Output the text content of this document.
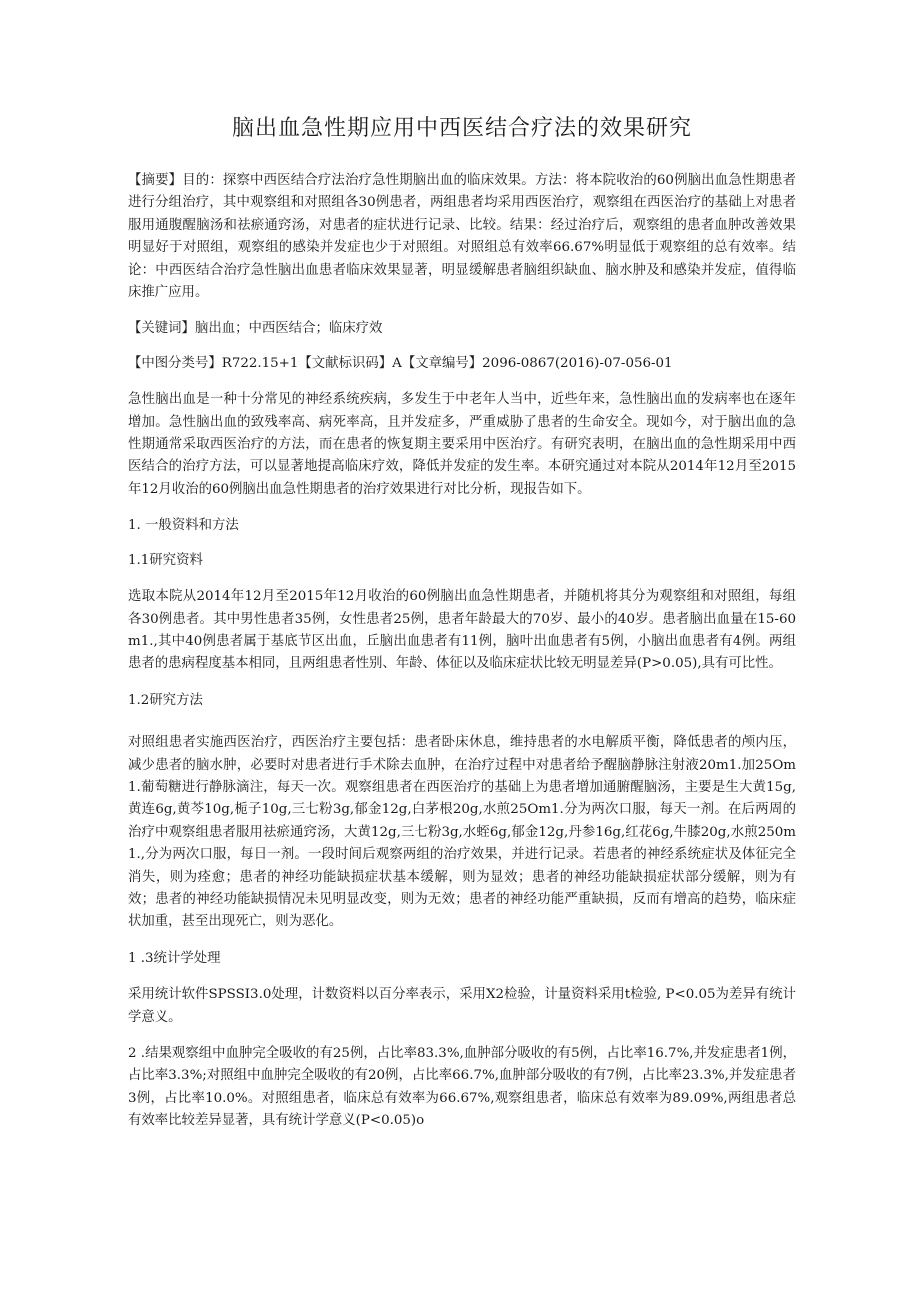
脑出血急性期应用中西医结合疗法的效果研究

【摘要】目的：探察中西医结合疗法治疗急性期脑出血的临床效果。方法：将本院收治的60例脑出血急性期患者进行分组治疗，其中观察组和对照组各30例患者，两组患者均采用西医治疗，观察组在西医治疗的基础上对患者服用通腹醒脑汤和祛瘀通窍汤，对患者的症状进行记录、比较。结果：经过治疗后，观察组的患者血肿改善效果明显好于对照组，观察组的感染并发症也少于对照组。对照组总有效率66.67%明显低于观察组的总有效率。结论：中西医结合治疗急性脑出血患者临床效果显著，明显缓解患者脑组织缺血、脑水肿及和感染并发症，值得临床推广应用。

【关键词】脑出血；中西医结合；临床疗效

【中图分类号】R722.15+1【文献标识码】A【文章编号】2096-0867(2016)-07-056-01

急性脑出血是一种十分常见的神经系统疾病，多发生于中老年人当中，近些年来，急性脑出血的发病率也在逐年增加。急性脑出血的致残率高、病死率高，且并发症多，严重威胁了患者的生命安全。现如今，对于脑出血的急性期通常采取西医治疗的方法，而在患者的恢复期主要采用中医治疗。有研究表明，在脑出血的急性期采用中西医结合的治疗方法，可以显著地提高临床疗效，降低并发症的发生率。本研究通过对本院从2014年12月至2015年12月收治的60例脑出血急性期患者的治疗效果进行对比分析，现报告如下。

1. 一般资料和方法

1.1研究资料

选取本院从2014年12月至2015年12月收治的60例脑出血急性期患者，并随机将其分为观察组和对照组，每组各30例患者。其中男性患者35例，女性患者25例，患者年龄最大的70岁、最小的40岁。患者脑出血量在15-60m1.,其中40例患者属于基底节区出血，丘脑出血患者有11例，脑叶出血患者有5例，小脑出血患者有4例。两组患者的患病程度基本相同，且两组患者性别、年龄、体征以及临床症状比较无明显差异(P>0.05),具有可比性。

1.2研究方法

对照组患者实施西医治疗，西医治疗主要包括：患者卧床休息，维持患者的水电解质平衡，降低患者的颅内压，减少患者的脑水肿，必要时对患者进行手术除去血肿，在治疗过程中对患者给予醒脑静脉注射液20m1.加25Om1.葡萄糖进行静脉滴注，每天一次。观察组患者在西医治疗的基础上为患者增加通腑醒脑汤，主要是生大黄15g,黄连6g,黄芩10g,栀子10g,三七粉3g,郁金12g,白茅根20g,水煎25Om1.分为两次口服，每天一剂。在后两周的治疗中观察组患者服用祛瘀通窍汤，大黄12g,三七粉3g,水蛭6g,郁金12g,丹参16g,红花6g,牛膝20g,水煎250m1.,分为两次口服，每日一剂。一段时间后观察两组的治疗效果，并进行记录。若患者的神经系统症状及体征完全消失，则为痊愈；患者的神经功能缺损症状基本缓解，则为显效；患者的神经功能缺损症状部分缓解，则为有效；患者的神经功能缺损情况未见明显改变，则为无效；患者的神经功能严重缺损，反而有增高的趋势，临床症状加重，甚至出现死亡，则为恶化。

1 .3统计学处理

采用统计软件SPSSI3.0处理，计数资料以百分率表示，采用X2检验，计量资料采用t检验, P<0.05为差异有统计学意义。

2 .结果观察组中血肿完全吸收的有25例，占比率83.3%,血肿部分吸收的有5例，占比率16.7%,并发症患者1例，占比率3.3%;对照组中血肿完全吸收的有20例，占比率66.7%,血肿部分吸收的有7例，占比率23.3%,并发症患者3例，占比率10.0%。对照组患者，临床总有效率为66.67%,观察组患者，临床总有效率为89.09%,两组患者总有效率比较差异显著，具有统计学意义(P<0.05)o
